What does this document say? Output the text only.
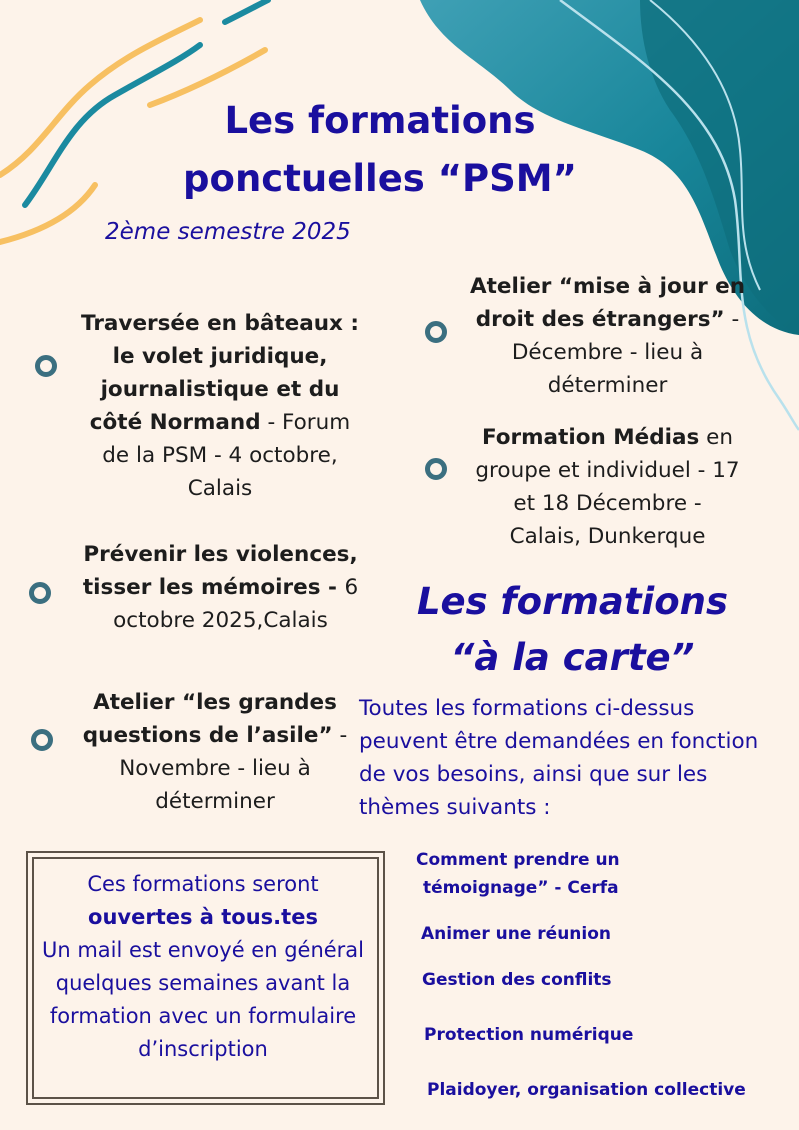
Les formations
ponctuelles “PSM”
2ème semestre 2025
Traversée en bâteaux :
le volet juridique,
journalistique et du
côté Normand - Forum
de la PSM - 4 octobre,
Calais
Prévenir les violences,
tisser les mémoires - 6
octobre 2025,Calais
Atelier “les grandes
questions de l’asile” -
Novembre - lieu à
déterminer
Atelier “mise à jour en
droit des étrangers” -
Décembre - lieu à
déterminer
Formation Médias en
groupe et individuel - 17
et 18 Décembre -
Calais, Dunkerque
Les formations
“à la carte”
Toutes les formations ci-dessus
peuvent être demandées en fonction
de vos besoins, ainsi que sur les
thèmes suivants :
Ces formations seront
ouvertes à tous.tes
Un mail est envoyé en général
quelques semaines avant la
formation avec un formulaire
d’inscription
Comment prendre un
témoignage” - Cerfa
Animer une réunion
Gestion des conflits
Protection numérique
Plaidoyer, organisation collective
